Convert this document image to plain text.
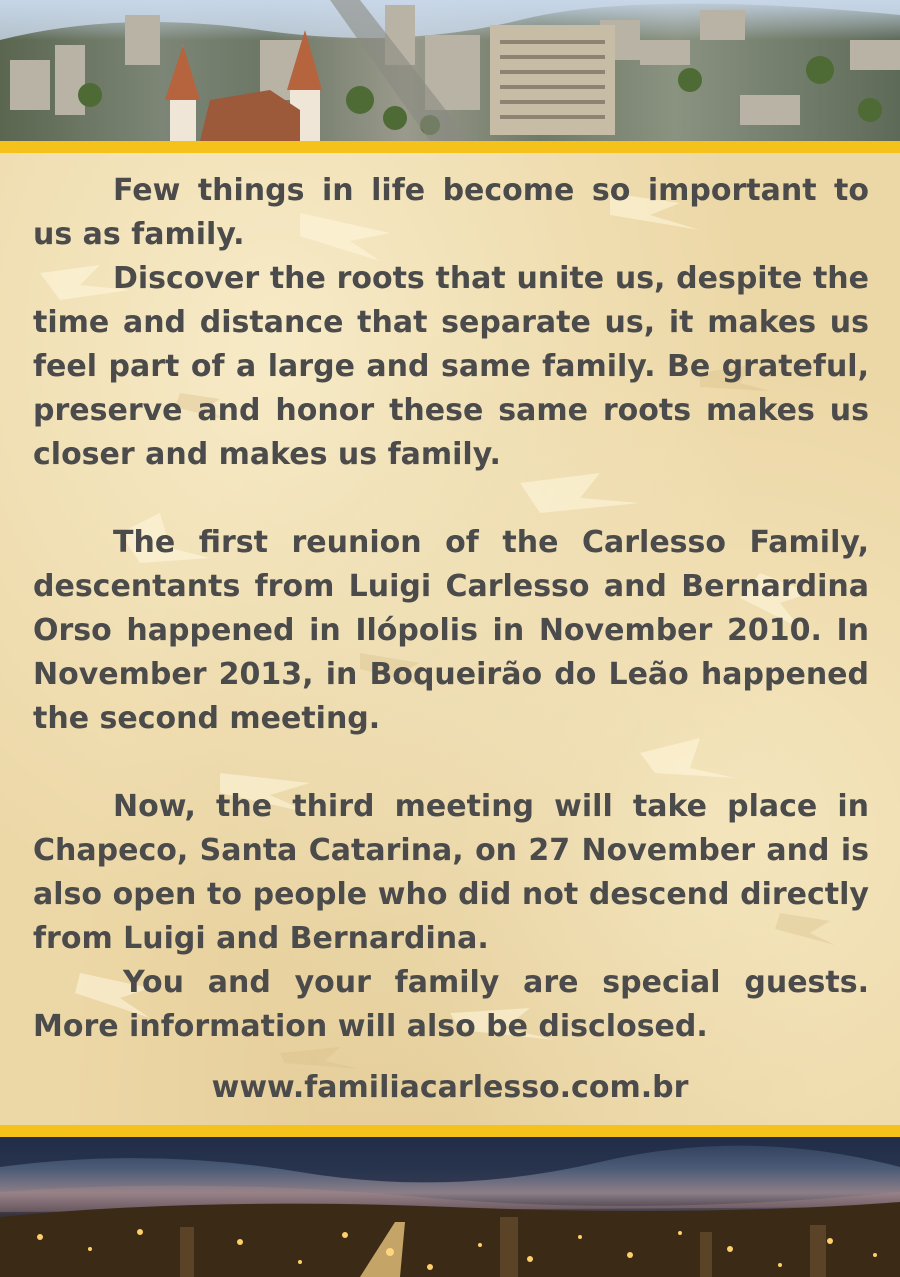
Few things in life become so important to us as family.

Discover the roots that unite us, despite the time and distance that separate us, it makes us feel part of a large and same family. Be grateful, preserve and honor these same roots makes us closer and makes us family.

The first reunion of the Carlesso Family, descentants from Luigi Carlesso and Bernardina Orso happened in Ilópolis in November 2010. In November 2013, in Boqueirão do Leão happened the second meeting.

Now, the third meeting will take place in Chapeco, Santa Catarina, on 27 November and is also open to people who did not descend directly from Luigi and Bernardina.

You and your family are special guests. More information will also be disclosed.

www.familiacarlesso.com.br
